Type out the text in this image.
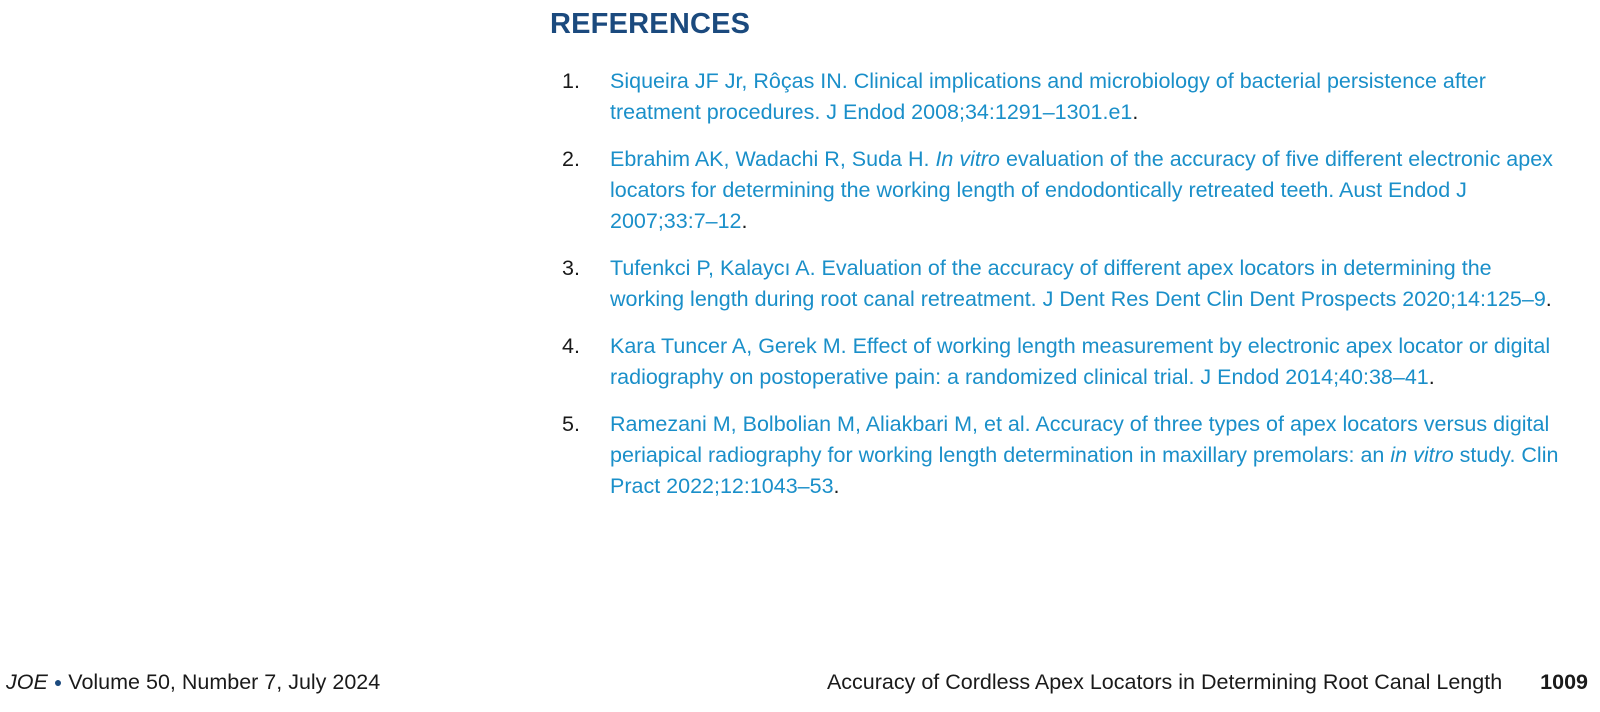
REFERENCES
1.	Siqueira JF Jr, Rôças IN. Clinical implications and microbiology of bacterial persistence after treatment procedures. J Endod 2008;34:1291–1301.e1.
2.	Ebrahim AK, Wadachi R, Suda H. In vitro evaluation of the accuracy of five different electronic apex locators for determining the working length of endodontically retreated teeth. Aust Endod J 2007;33:7–12.
3.	Tufenkci P, Kalaycı A. Evaluation of the accuracy of different apex locators in determining the working length during root canal retreatment. J Dent Res Dent Clin Dent Prospects 2020;14:125–9.
4.	Kara Tuncer A, Gerek M. Effect of working length measurement by electronic apex locator or digital radiography on postoperative pain: a randomized clinical trial. J Endod 2014;40:38–41.
5.	Ramezani M, Bolbolian M, Aliakbari M, et al. Accuracy of three types of apex locators versus digital periapical radiography for working length determination in maxillary premolars: an in vitro study. Clin Pract 2022;12:1043–53.
JOE ● Volume 50, Number 7, July 2024	Accuracy of Cordless Apex Locators in Determining Root Canal Length 1009
